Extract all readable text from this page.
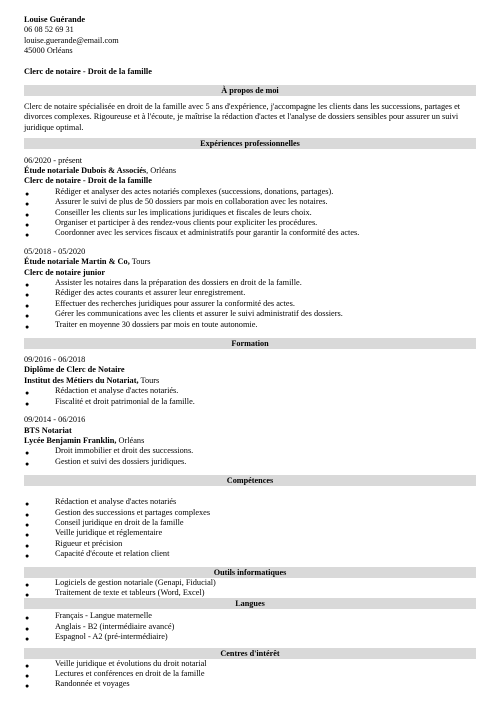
Louise Guérande
06 08 52 69 31
louise.guerande@email.com
45000 Orléans
Clerc de notaire - Droit de la famille
À propos de moi
Clerc de notaire spécialisée en droit de la famille avec 5 ans d'expérience, j'accompagne les clients dans les successions, partages et divorces complexes. Rigoureuse et à l'écoute, je maîtrise la rédaction d'actes et l'analyse de dossiers sensibles pour assurer un suivi juridique optimal.
Expériences professionnelles
06/2020 - présent
Étude notariale Dubois & Associés, Orléans
Clerc de notaire - Droit de la famille
●	Rédiger et analyser des actes notariés complexes (successions, donations, partages).
●	Assurer le suivi de plus de 50 dossiers par mois en collaboration avec les notaires.
●	Conseiller les clients sur les implications juridiques et fiscales de leurs choix.
●	Organiser et participer à des rendez-vous clients pour expliciter les procédures.
●	Coordonner avec les services fiscaux et administratifs pour garantir la conformité des actes.
05/2018 - 05/2020
Étude notariale Martin & Co, Tours
Clerc de notaire junior
●	Assister les notaires dans la préparation des dossiers en droit de la famille.
●	Rédiger des actes courants et assurer leur enregistrement.
●	Effectuer des recherches juridiques pour assurer la conformité des actes.
●	Gérer les communications avec les clients et assurer le suivi administratif des dossiers.
●	Traiter en moyenne 30 dossiers par mois en toute autonomie.
Formation
09/2016 - 06/2018
Diplôme de Clerc de Notaire
Institut des Métiers du Notariat, Tours
●	Rédaction et analyse d'actes notariés.
●	Fiscalité et droit patrimonial de la famille.
09/2014 - 06/2016
BTS Notariat
Lycée Benjamin Franklin, Orléans
●	Droit immobilier et droit des successions.
●	Gestion et suivi des dossiers juridiques.
Compétences
●	Rédaction et analyse d'actes notariés
●	Gestion des successions et partages complexes
●	Conseil juridique en droit de la famille
●	Veille juridique et réglementaire
●	Rigueur et précision
●	Capacité d'écoute et relation client
Outils informatiques
●	Logiciels de gestion notariale (Genapi, Fiducial)
●	Traitement de texte et tableurs (Word, Excel)
Langues
●	Français - Langue maternelle
●	Anglais - B2 (intermédiaire avancé)
●	Espagnol - A2 (pré-intermédiaire)
Centres d'intérêt
●	Veille juridique et évolutions du droit notarial
●	Lectures et conférences en droit de la famille
●	Randonnée et voyages
